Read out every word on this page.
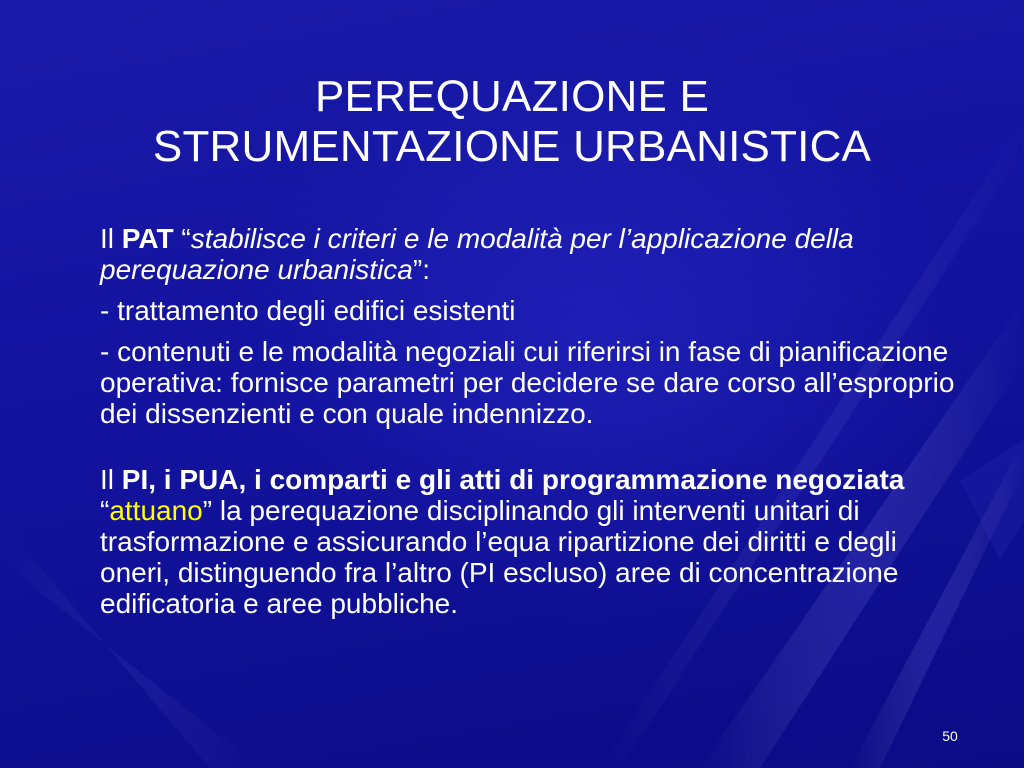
PEREQUAZIONE E
STRUMENTAZIONE URBANISTICA

Il PAT “stabilisce i criteri e le modalità per l’applicazione della perequazione urbanistica”:

- trattamento degli edifici esistenti

- contenuti e le modalità negoziali cui riferirsi in fase di pianificazione operativa: fornisce parametri per decidere se dare corso all’esproprio dei dissenzienti e con quale indennizzo.

Il PI, i PUA, i comparti e gli atti di programmazione negoziata “attuano” la perequazione disciplinando gli interventi unitari di trasformazione e assicurando l’equa ripartizione dei diritti e degli oneri, distinguendo fra l’altro (PI escluso) aree di concentrazione edificatoria e aree pubbliche.

50
